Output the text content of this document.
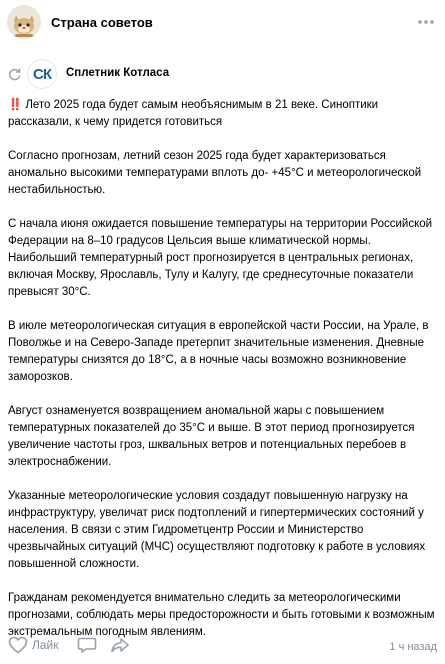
Страна советов
СК Сплетник Котласа

‼️ Лето 2025 года будет самым необъяснимым в 21 веке. Синоптики рассказали, к чему придется готовиться

Согласно прогнозам, летний сезон 2025 года будет характеризоваться аномально высокими температурами вплоть до- +45°C и метеорологической нестабильностью.

С начала июня ожидается повышение температуры на территории Российской Федерации на 8–10 градусов Цельсия выше климатической нормы. Наибольший температурный рост прогнозируется в центральных регионах, включая Москву, Ярославль, Тулу и Калугу, где среднесуточные показатели превысят 30°С.

В июле метеорологическая ситуация в европейской части России, на Урале, в Поволжье и на Северо-Западе претерпит значительные изменения. Дневные температуры снизятся до 18°C, а в ночные часы возможно возникновение заморозков.

Август ознаменуется возвращением аномальной жары с повышением температурных показателей до 35°C и выше. В этот период прогнозируется увеличение частоты гроз, шквальных ветров и потенциальных перебоев в электроснабжении.

Указанные метеорологические условия создадут повышенную нагрузку на инфраструктуру, увеличат риск подтоплений и гипертермических состояний у населения. В связи с этим Гидрометцентр России и Министерство чрезвычайных ситуаций (МЧС) осуществляют подготовку к работе в условиях повышенной сложности.

Гражданам рекомендуется внимательно следить за метеорологическими прогнозами, соблюдать меры предосторожности и быть готовыми к возможным экстремальным погодным явлениям.

Лайк	1 ч назад
